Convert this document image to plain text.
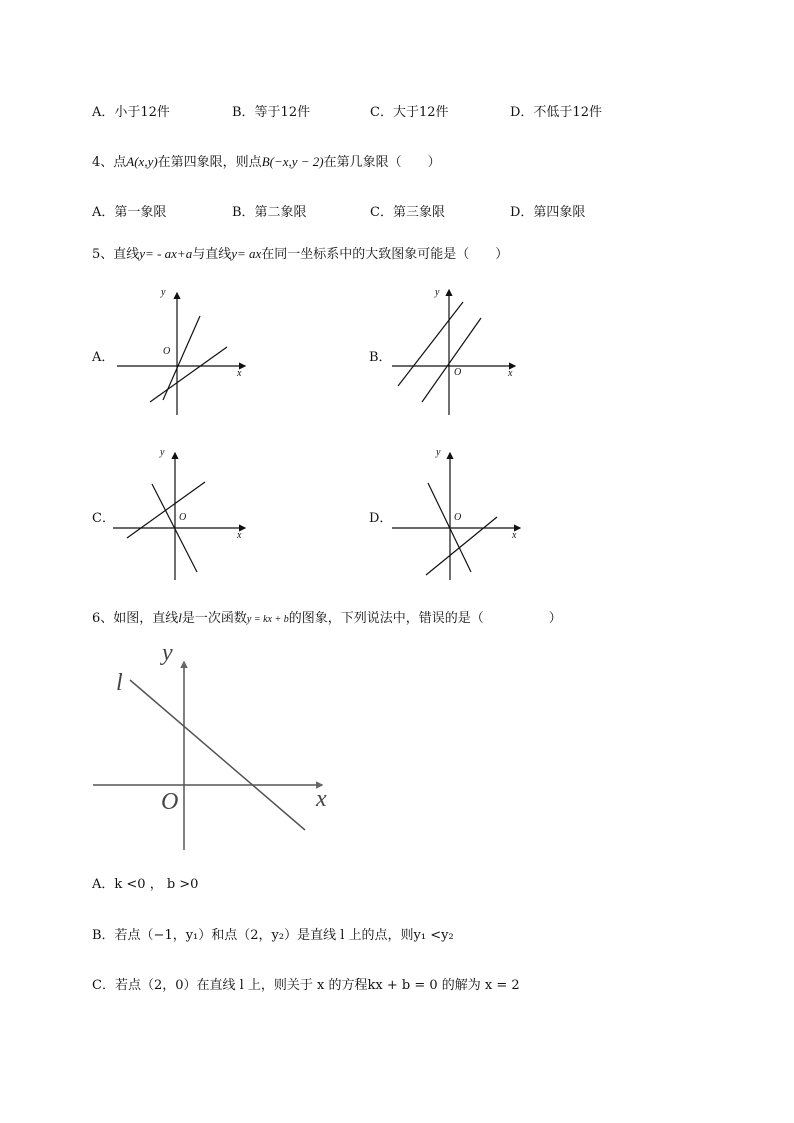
A．小于12件	B．等于12件	C．大于12件	D．不低于12件
4、点A(x,y)在第四象限，则点B(−x,y − 2)在第几象限（　　）
A．第一象限	B．第二象限	C．第三象限	D．第四象限
5、直线y= - ax+a与直线y= ax在同一坐标系中的大致图象可能是（　　）
y
x
O
A．
y
x
O
B．
y
x
O
C．
y
x
O
D．
6、如图，直线l是一次函数y = kx + b的图象，下列说法中，错误的是（　　　　　）
y
x
O
l
A．k <0 ， b >0
B．若点（−1，y₁）和点（2，y₂）是直线 l 上的点，则y₁ <y₂
C．若点（2，0）在直线 l 上，则关于 x 的方程kx + b = 0 的解为 x = 2
